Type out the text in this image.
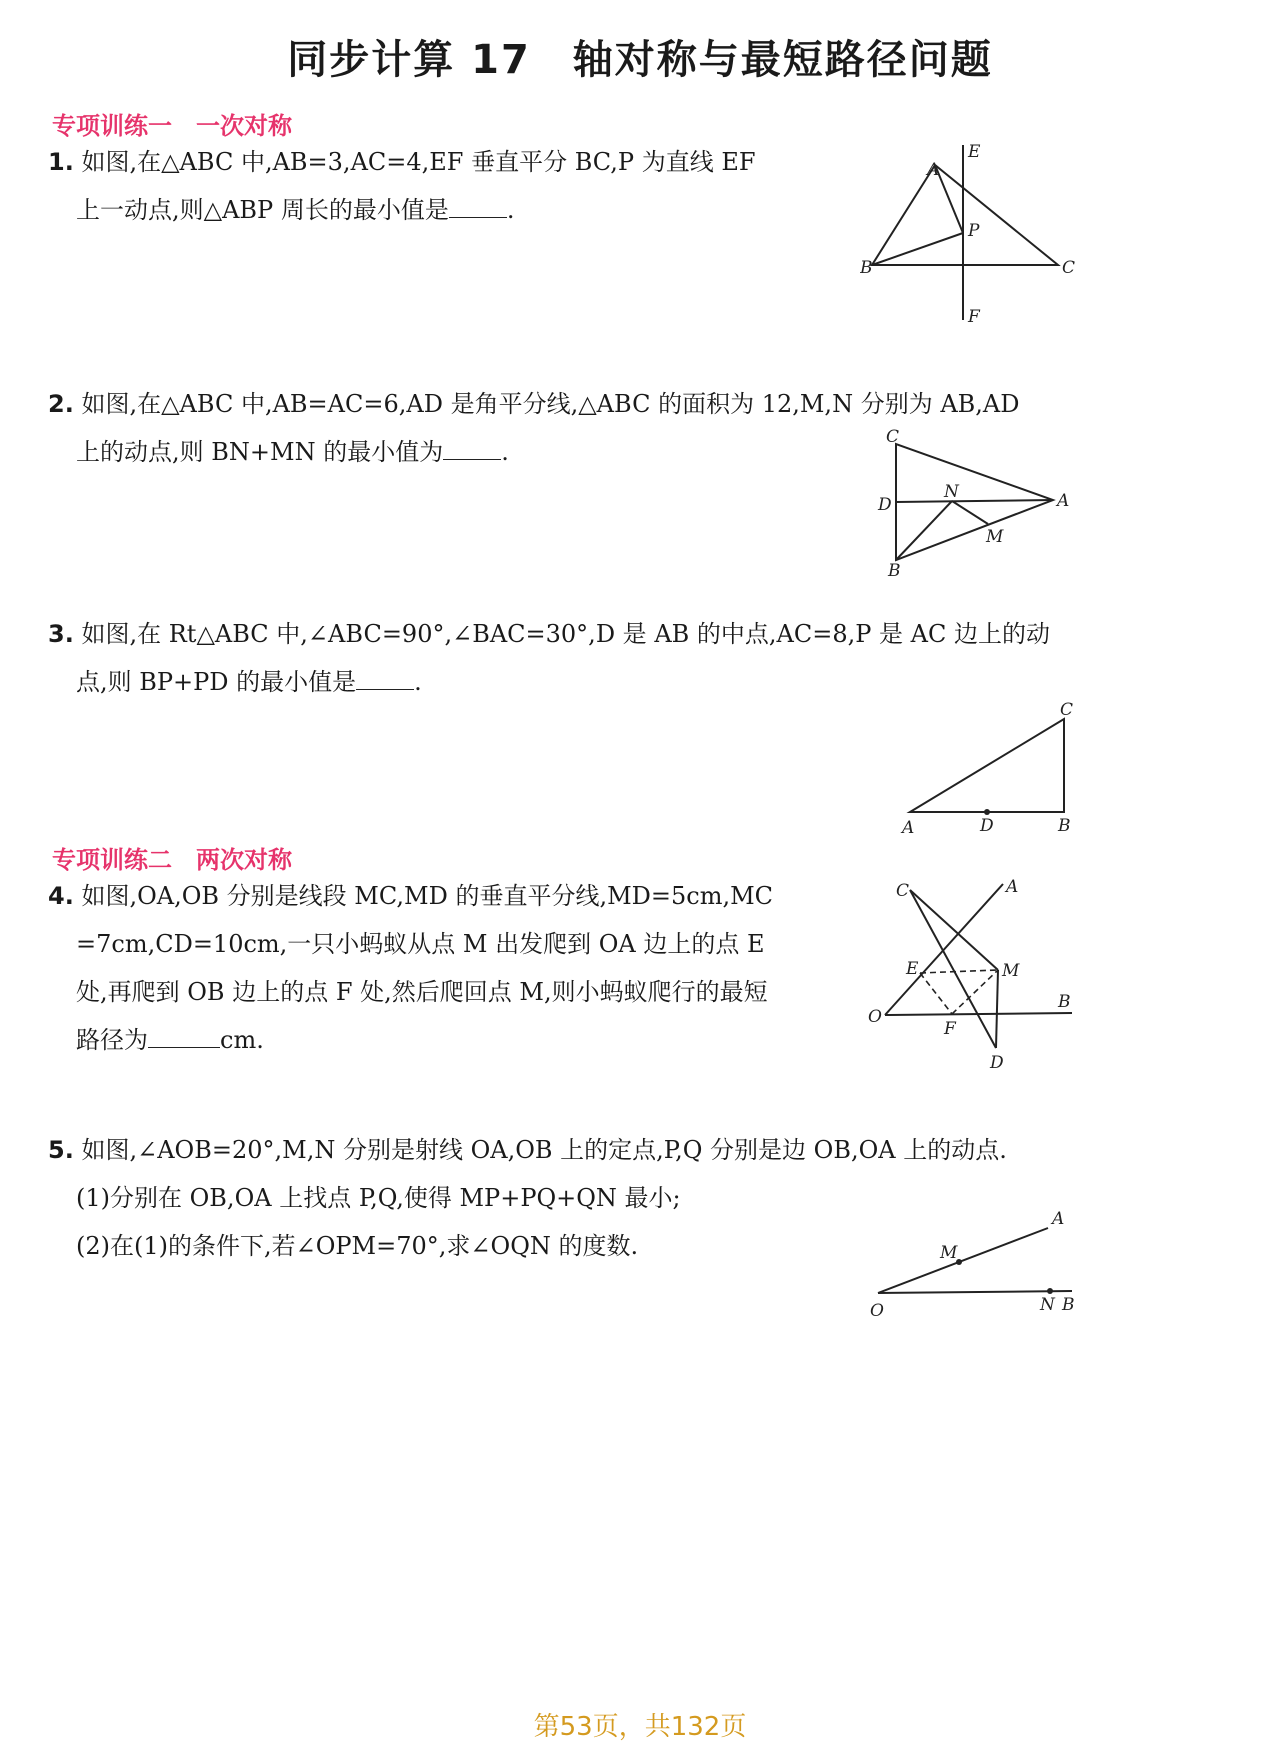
同步计算 17　轴对称与最短路径问题
专项训练一　一次对称
专项训练二　两次对称
1. 如图,在△ABC 中,AB=3,AC=4,EF 垂直平分 BC,P 为直线 EF
上一动点,则△ABP 周长的最小值是 .
E
A
P
B	C
F
2. 如图,在△ABC 中,AB=AC=6,AD 是角平分线,△ABC 的面积为 12,M,N 分别为 AB,AD
上的动点,则 BN+MN 的最小值为 .
C
D
N	A
M
B
3. 如图,在 Rt△ABC 中,∠ABC=90°,∠BAC=30°,D 是 AB 的中点,AC=8,P 是 AC 边上的动
点,则 BP+PD 的最小值是 .
C
A	D	B
4. 如图,OA,OB 分别是线段 MC,MD 的垂直平分线,MD=5cm,MC
=7cm,CD=10cm,一只小蚂蚁从点 M 出发爬到 OA 边上的点 E
处,再爬到 OB 边上的点 F 处,然后爬回点 M,则小蚂蚁爬行的最短
路径为	cm.
C	A
E	M
B
O
F
D
5. 如图,∠AOB=20°,M,N 分别是射线 OA,OB 上的定点,P,Q 分别是边 OB,OA 上的动点.
(1)分别在 OB,OA 上找点 P,Q,使得 MP+PQ+QN 最小;
(2)在(1)的条件下,若∠OPM=70°,求∠OQN 的度数.
A
M
O	N B
第53页，共132页
